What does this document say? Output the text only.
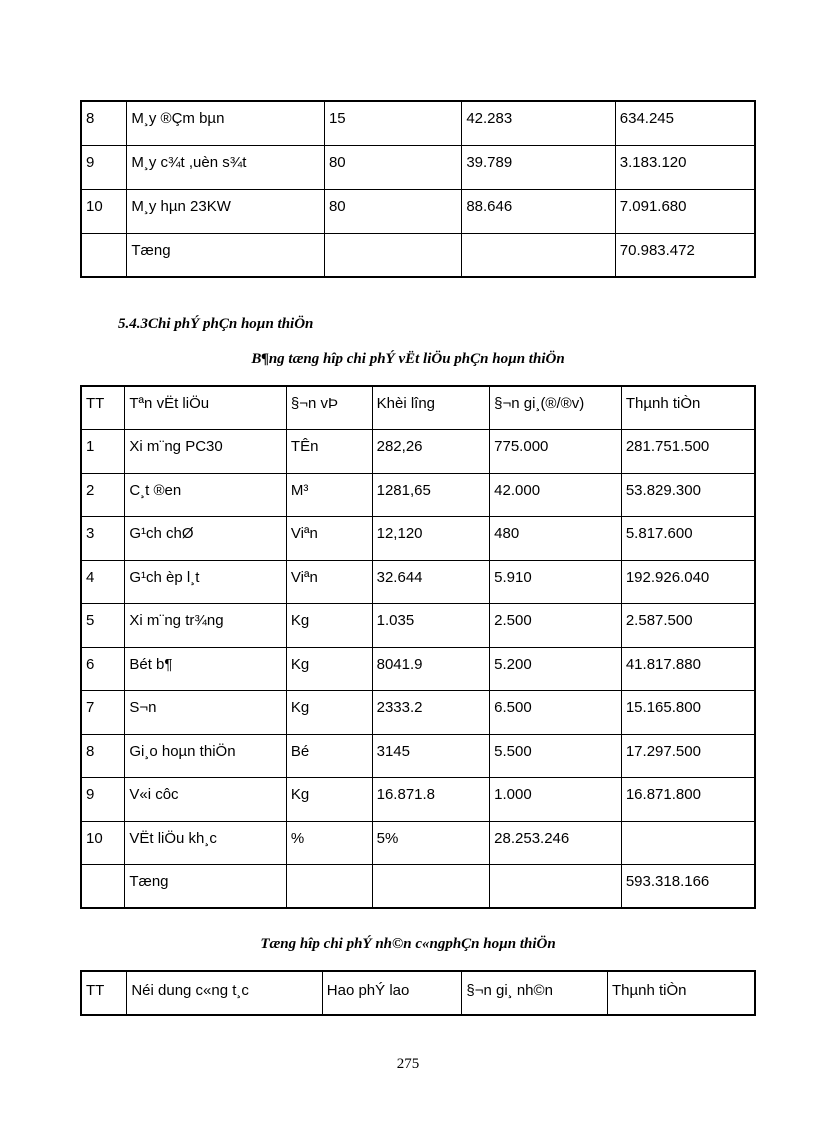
8	M¸y ®Çm bµn	15	42.283	634.245
9	M¸y c¾t ,uèn s¾t	80	39.789	3.183.120
10	M¸y hµn 23KW	80	88.646	7.091.680
	Tæng			70.983.472
5.4.3Chi phÝ phÇn hoµn thiÖn
B¶ng tæng hîp chi phÝ vËt liÖu phÇn hoµn thiÖn
TT	Tªn vËt liÖu	§¬n vÞ	Khèi lîng	§¬n gi¸(®/®v)	Thµnh tiÒn
1	Xi m¨ng PC30	TÊn	282,26	775.000	281.751.500
2	C¸t ®en	M³	1281,65	42.000	53.829.300
3	G¹ch chØ	Viªn	12,120	480	5.817.600
4	G¹ch èp l¸t	Viªn	32.644	5.910	192.926.040
5	Xi m¨ng tr¾ng	Kg	1.035	2.500	2.587.500
6	Bét b¶	Kg	8041.9	5.200	41.817.880
7	S¬n	Kg	2333.2	6.500	15.165.800
8	Gi¸o hoµn thiÖn	Bé	3145	5.500	17.297.500
9	V«i côc	Kg	16.871.8	1.000	16.871.800
10	VËt liÖu kh¸c	%	5%	28.253.246	
	Tæng				593.318.166
Tæng hîp chi phÝ nh©n c«ngphÇn hoµn thiÖn
TT	Néi dung c«ng t¸c	Hao phÝ lao	§¬n gi¸ nh©n	Thµnh tiÒn
275
